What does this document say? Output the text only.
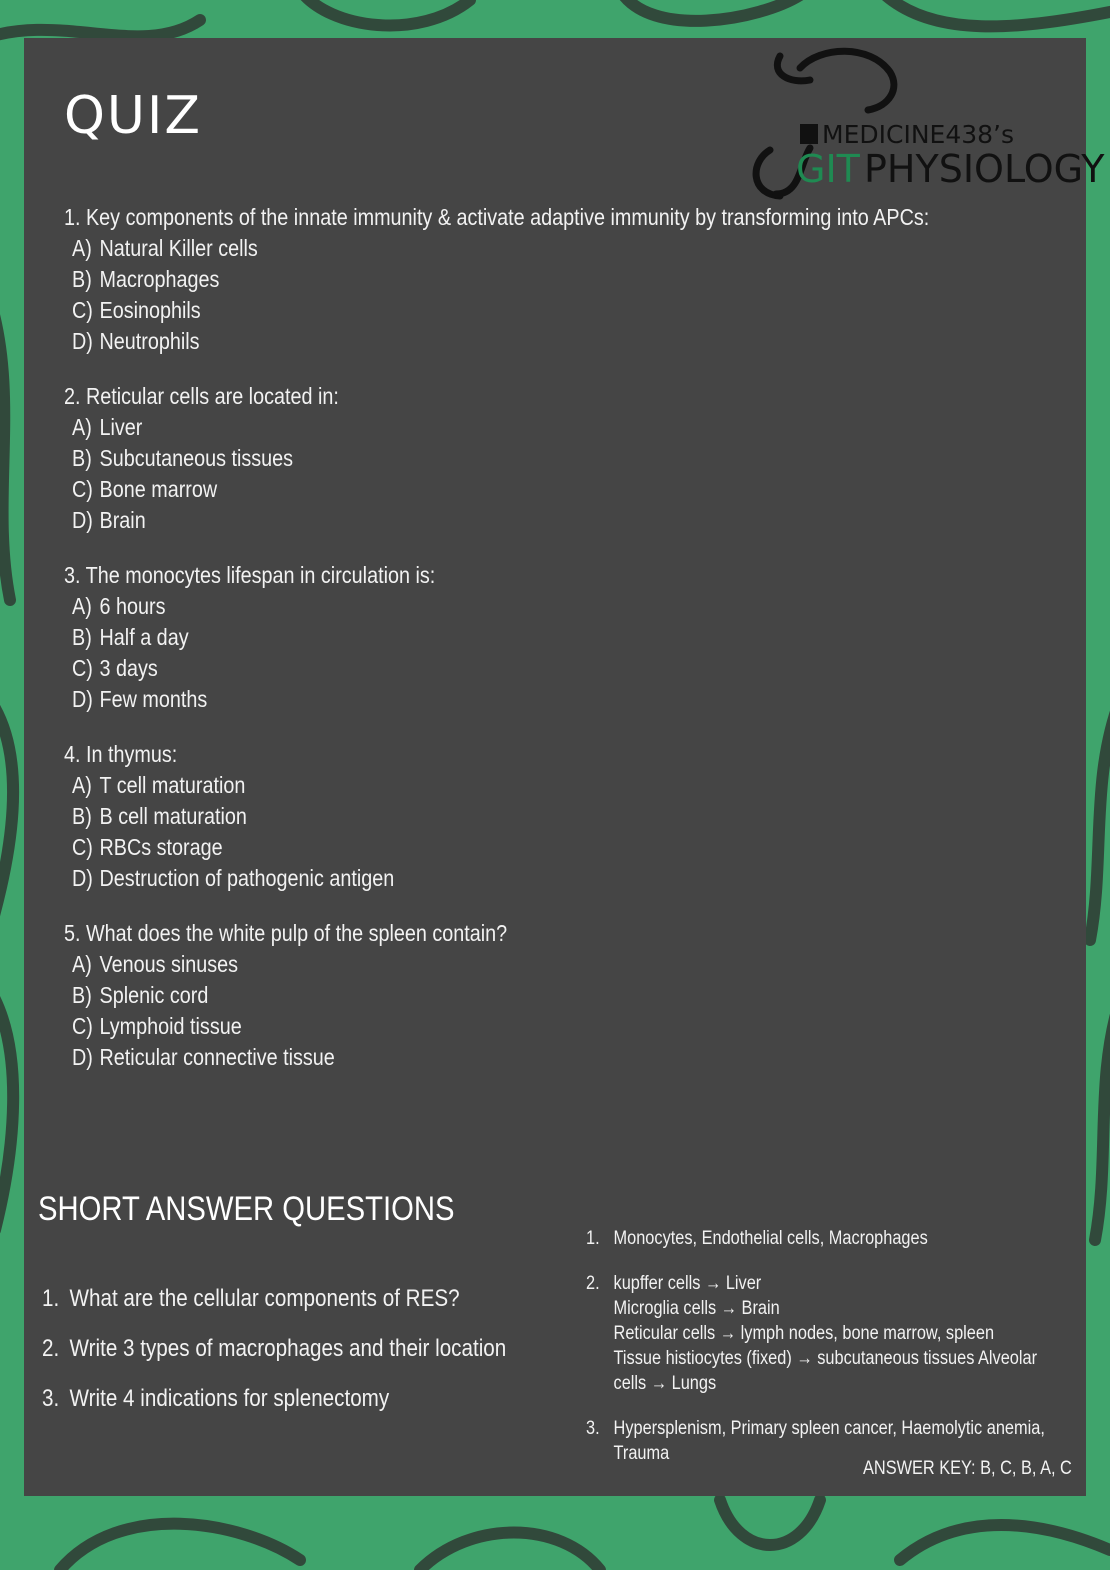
QUIZ	MEDICINE438’s
GIT PHYSIOLOGY

1. Key components of the innate immunity & activate adaptive immunity by transforming into APCs:

A) Natural Killer cells
B) Macrophages
C) Eosinophils
D) Neutrophils

2. Reticular cells are located in:

A) Liver
B) Subcutaneous tissues
C) Bone marrow
D) Brain

3. The monocytes lifespan in circulation is:

A) 6 hours
B) Half a day
C) 3 days
D) Few months

4. In thymus:

A) T cell maturation
B) B cell maturation
C) RBCs storage
D) Destruction of pathogenic antigen

5. What does the white pulp of the spleen contain?

A) Venous sinuses
B) Splenic cord
C) Lymphoid tissue
D) Reticular connective tissue
SHORT ANSWER QUESTIONS
1. What are the cellular components of RES?
2. Write 3 types of macrophages and their location
3. Write 4 indications for splenectomy
1. Monocytes, Endothelial cells, Macrophages
2. kupffer cells → Liver
Microglia cells → Brain
Reticular cells → lymph nodes, bone marrow, spleen
Tissue histiocytes (fixed) → subcutaneous tissues Alveolar
cells → Lungs
3. Hypersplenism, Primary spleen cancer, Haemolytic anemia,
Trauma
ANSWER KEY: B, C, B, A, C
